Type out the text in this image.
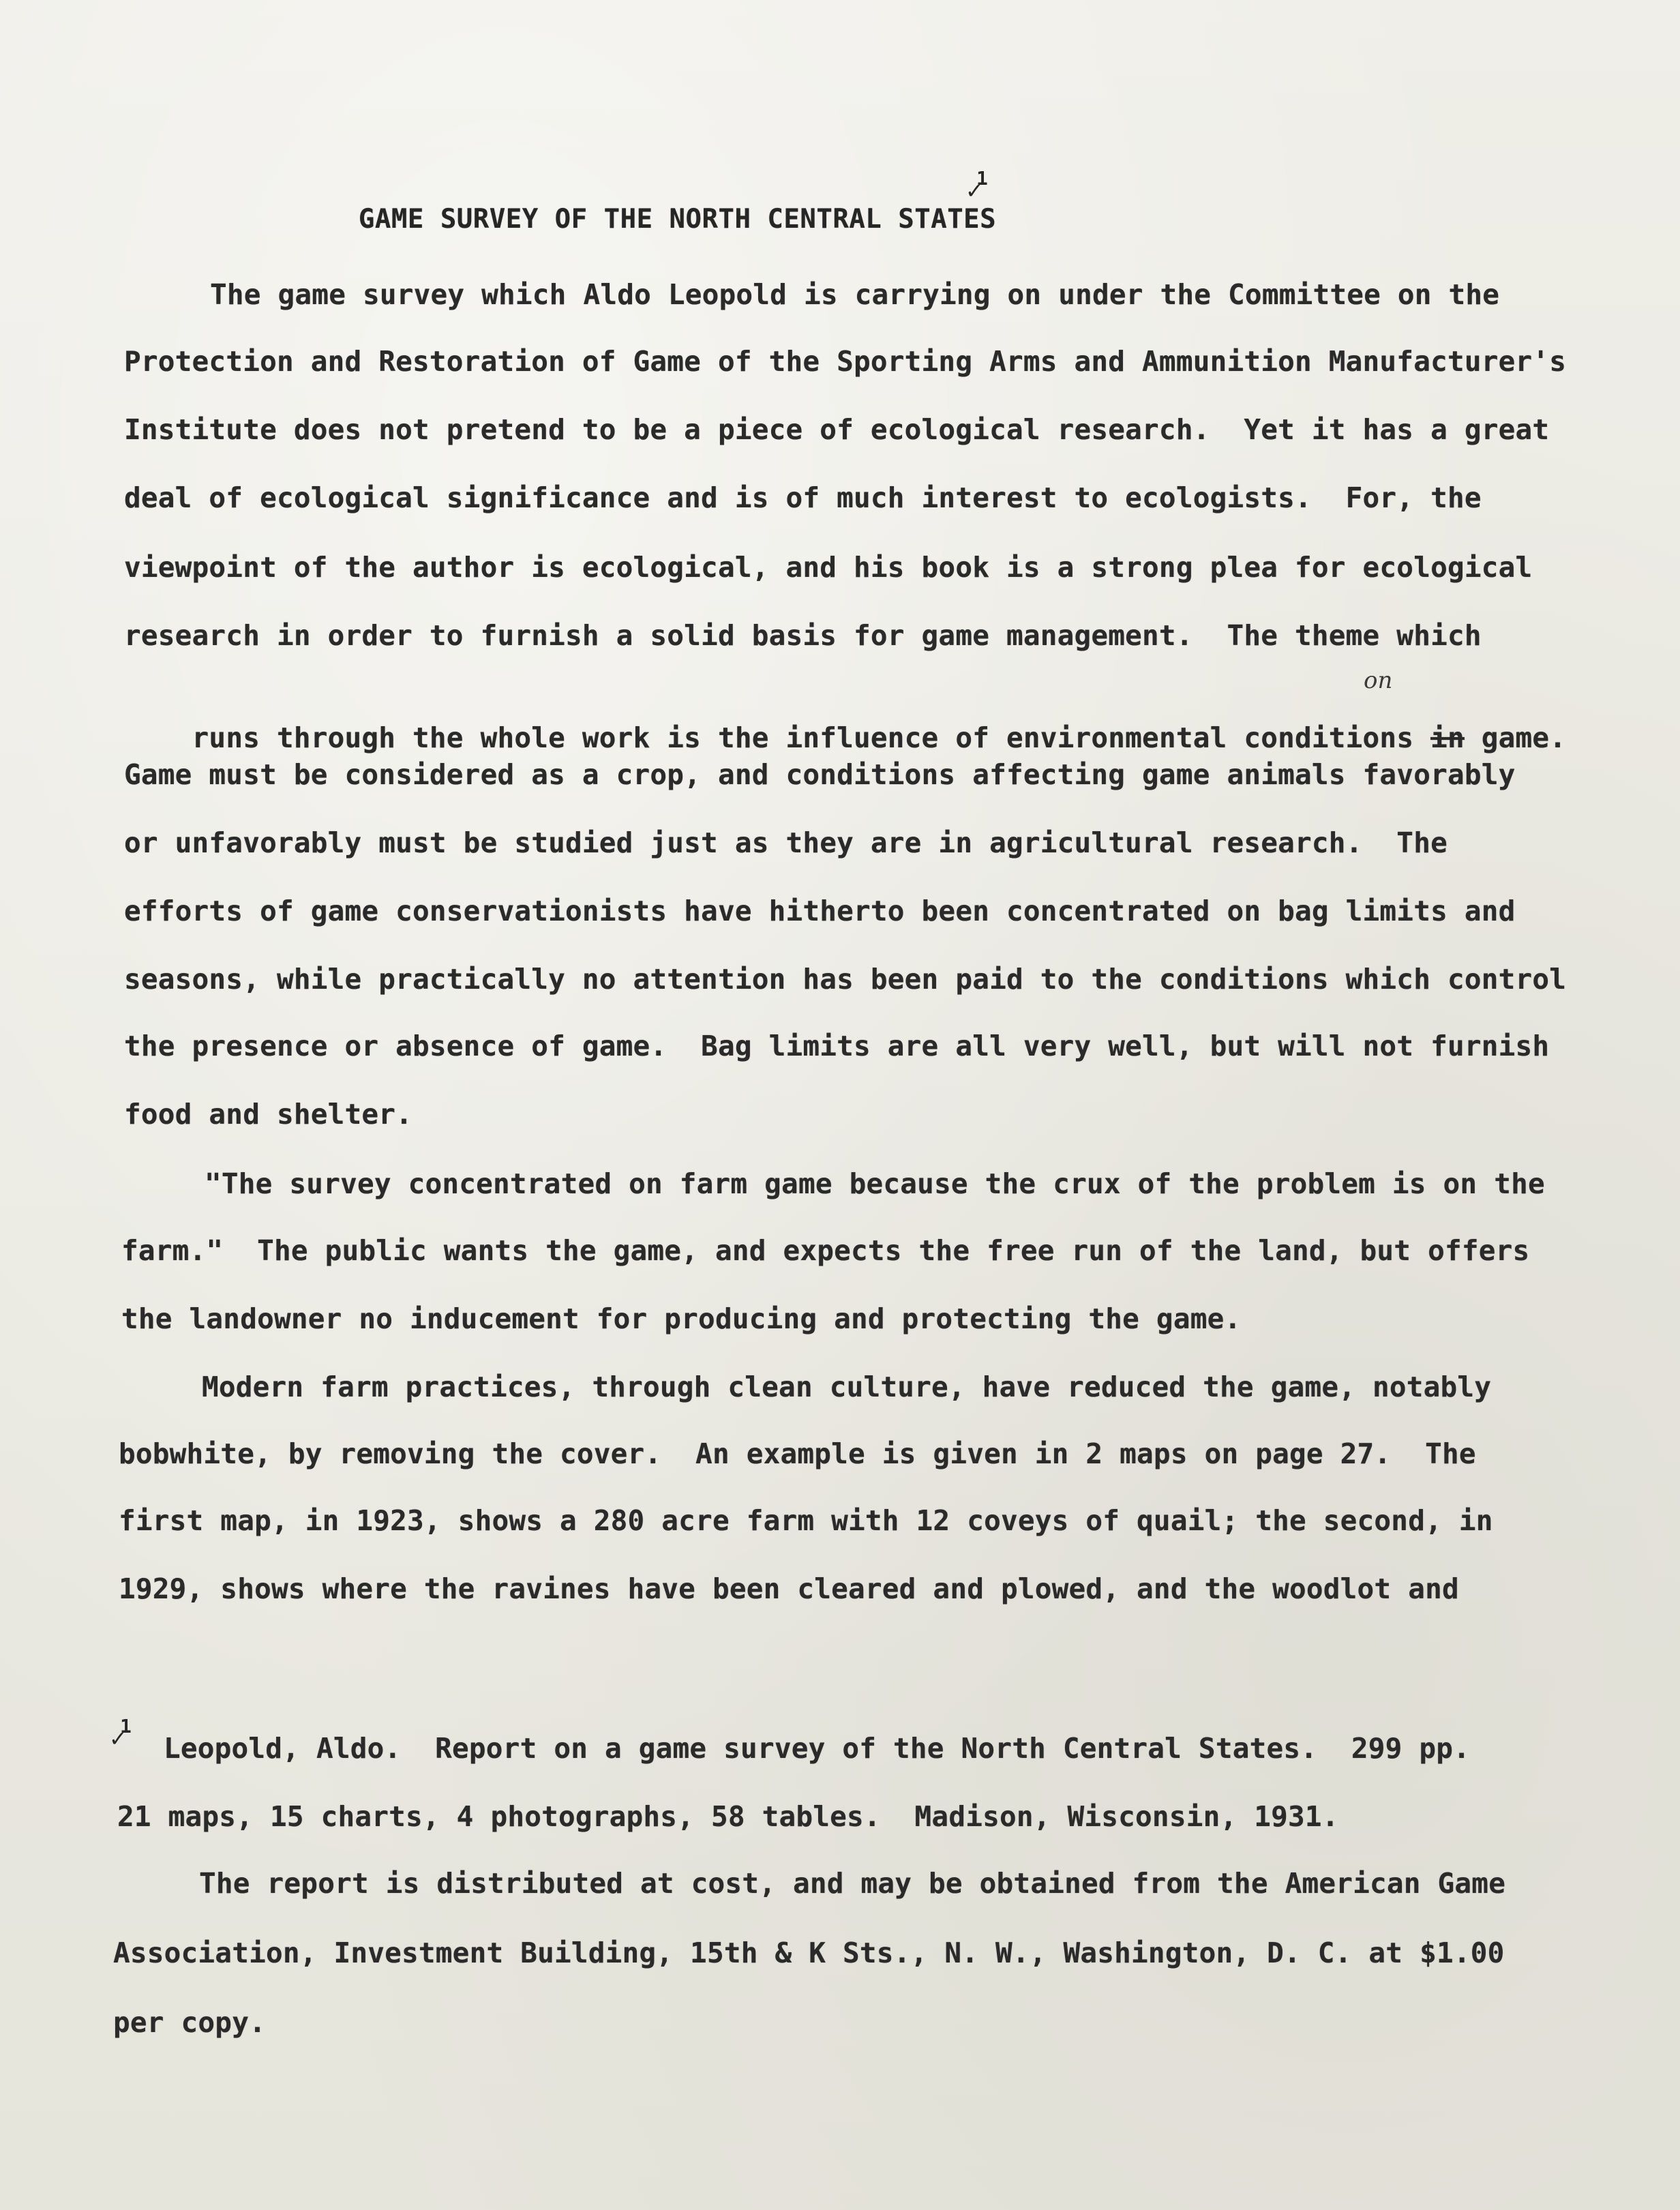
GAME SURVEY OF THE NORTH CENTRAL STATES

✓
1
The game survey which Aldo Leopold is carrying on under the Committee on the
Protection and Restoration of Game of the Sporting Arms and Ammunition Manufacturer's
Institute does not pretend to be a piece of ecological research.  Yet it has a great
deal of ecological significance and is of much interest to ecologists.  For, the
viewpoint of the author is ecological, and his book is a strong plea for ecological
research in order to furnish a solid basis for game management.  The theme which

runs through the whole work is the influence of environmental conditions in game.

on
Game must be considered as a crop, and conditions affecting game animals favorably
or unfavorably must be studied just as they are in agricultural research.  The
efforts of game conservationists have hitherto been concentrated on bag limits and
seasons, while practically no attention has been paid to the conditions which control
the presence or absence of game.  Bag limits are all very well, but will not furnish
food and shelter.
"The survey concentrated on farm game because the crux of the problem is on the
farm."  The public wants the game, and expects the free run of the land, but offers
the landowner no inducement for producing and protecting the game.
Modern farm practices, through clean culture, have reduced the game, notably
bobwhite, by removing the cover.  An example is given in 2 maps on page 27.  The
first map, in 1923, shows a 280 acre farm with 12 coveys of quail; the second, in
1929, shows where the ravines have been cleared and plowed, and the woodlot and
✓
1
Leopold, Aldo.  Report on a game survey of the North Central States.  299 pp.
21 maps, 15 charts, 4 photographs, 58 tables.  Madison, Wisconsin, 1931.
The report is distributed at cost, and may be obtained from the American Game
Association, Investment Building, 15th & K Sts., N. W., Washington, D. C. at $1.00
per copy.
